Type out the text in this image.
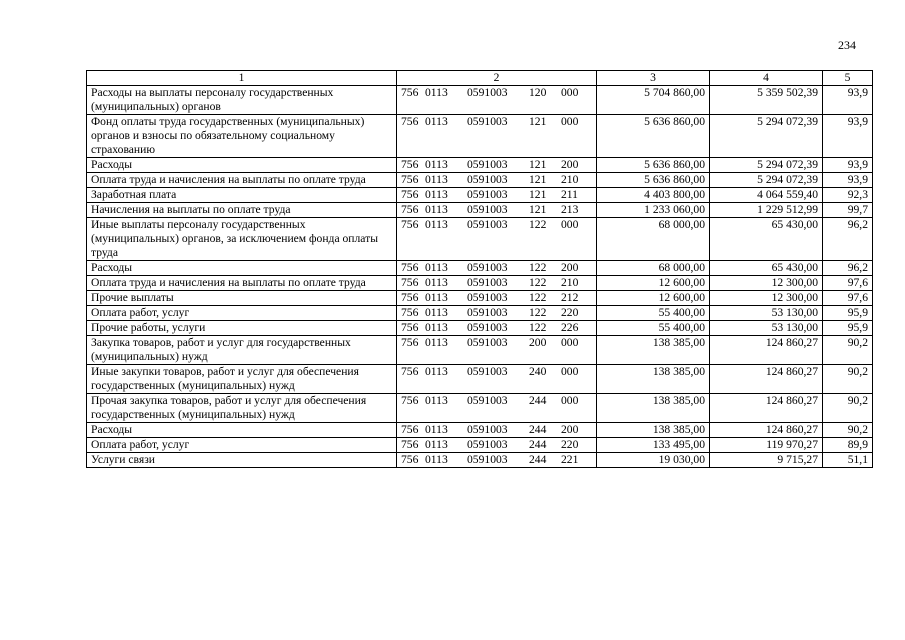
234
1	2	3	4	5
Расходы на выплаты персоналу государственных (муниципальных) органов	756 0113 0591003 120 000	5 704 860,00	5 359 502,39	93,9
Фонд оплаты труда государственных (муниципальных) органов и взносы по обязательному социальному страхованию	756 0113 0591003 121 000	5 636 860,00	5 294 072,39	93,9
Расходы	756 0113 0591003 121 200	5 636 860,00	5 294 072,39	93,9
Оплата труда и начисления на выплаты по оплате труда	756 0113 0591003 121 210	5 636 860,00	5 294 072,39	93,9
Заработная плата	756 0113 0591003 121 211	4 403 800,00	4 064 559,40	92,3
Начисления на выплаты по оплате труда	756 0113 0591003 121 213	1 233 060,00	1 229 512,99	99,7
Иные выплаты персоналу государственных (муниципальных) органов, за исключением фонда оплаты труда	756 0113 0591003 122 000	68 000,00	65 430,00	96,2
Расходы	756 0113 0591003 122 200	68 000,00	65 430,00	96,2
Оплата труда и начисления на выплаты по оплате труда	756 0113 0591003 122 210	12 600,00	12 300,00	97,6
Прочие выплаты	756 0113 0591003 122 212	12 600,00	12 300,00	97,6
Оплата работ, услуг	756 0113 0591003 122 220	55 400,00	53 130,00	95,9
Прочие работы, услуги	756 0113 0591003 122 226	55 400,00	53 130,00	95,9
Закупка товаров, работ и услуг для государственных (муниципальных) нужд	756 0113 0591003 200 000	138 385,00	124 860,27	90,2
Иные закупки товаров, работ и услуг для обеспечения государственных (муниципальных) нужд	756 0113 0591003 240 000	138 385,00	124 860,27	90,2
Прочая закупка товаров, работ и услуг для обеспечения государственных (муниципальных) нужд	756 0113 0591003 244 000	138 385,00	124 860,27	90,2
Расходы	756 0113 0591003 244 200	138 385,00	124 860,27	90,2
Оплата работ, услуг	756 0113 0591003 244 220	133 495,00	119 970,27	89,9
Услуги связи	756 0113 0591003 244 221	19 030,00	9 715,27	51,1
